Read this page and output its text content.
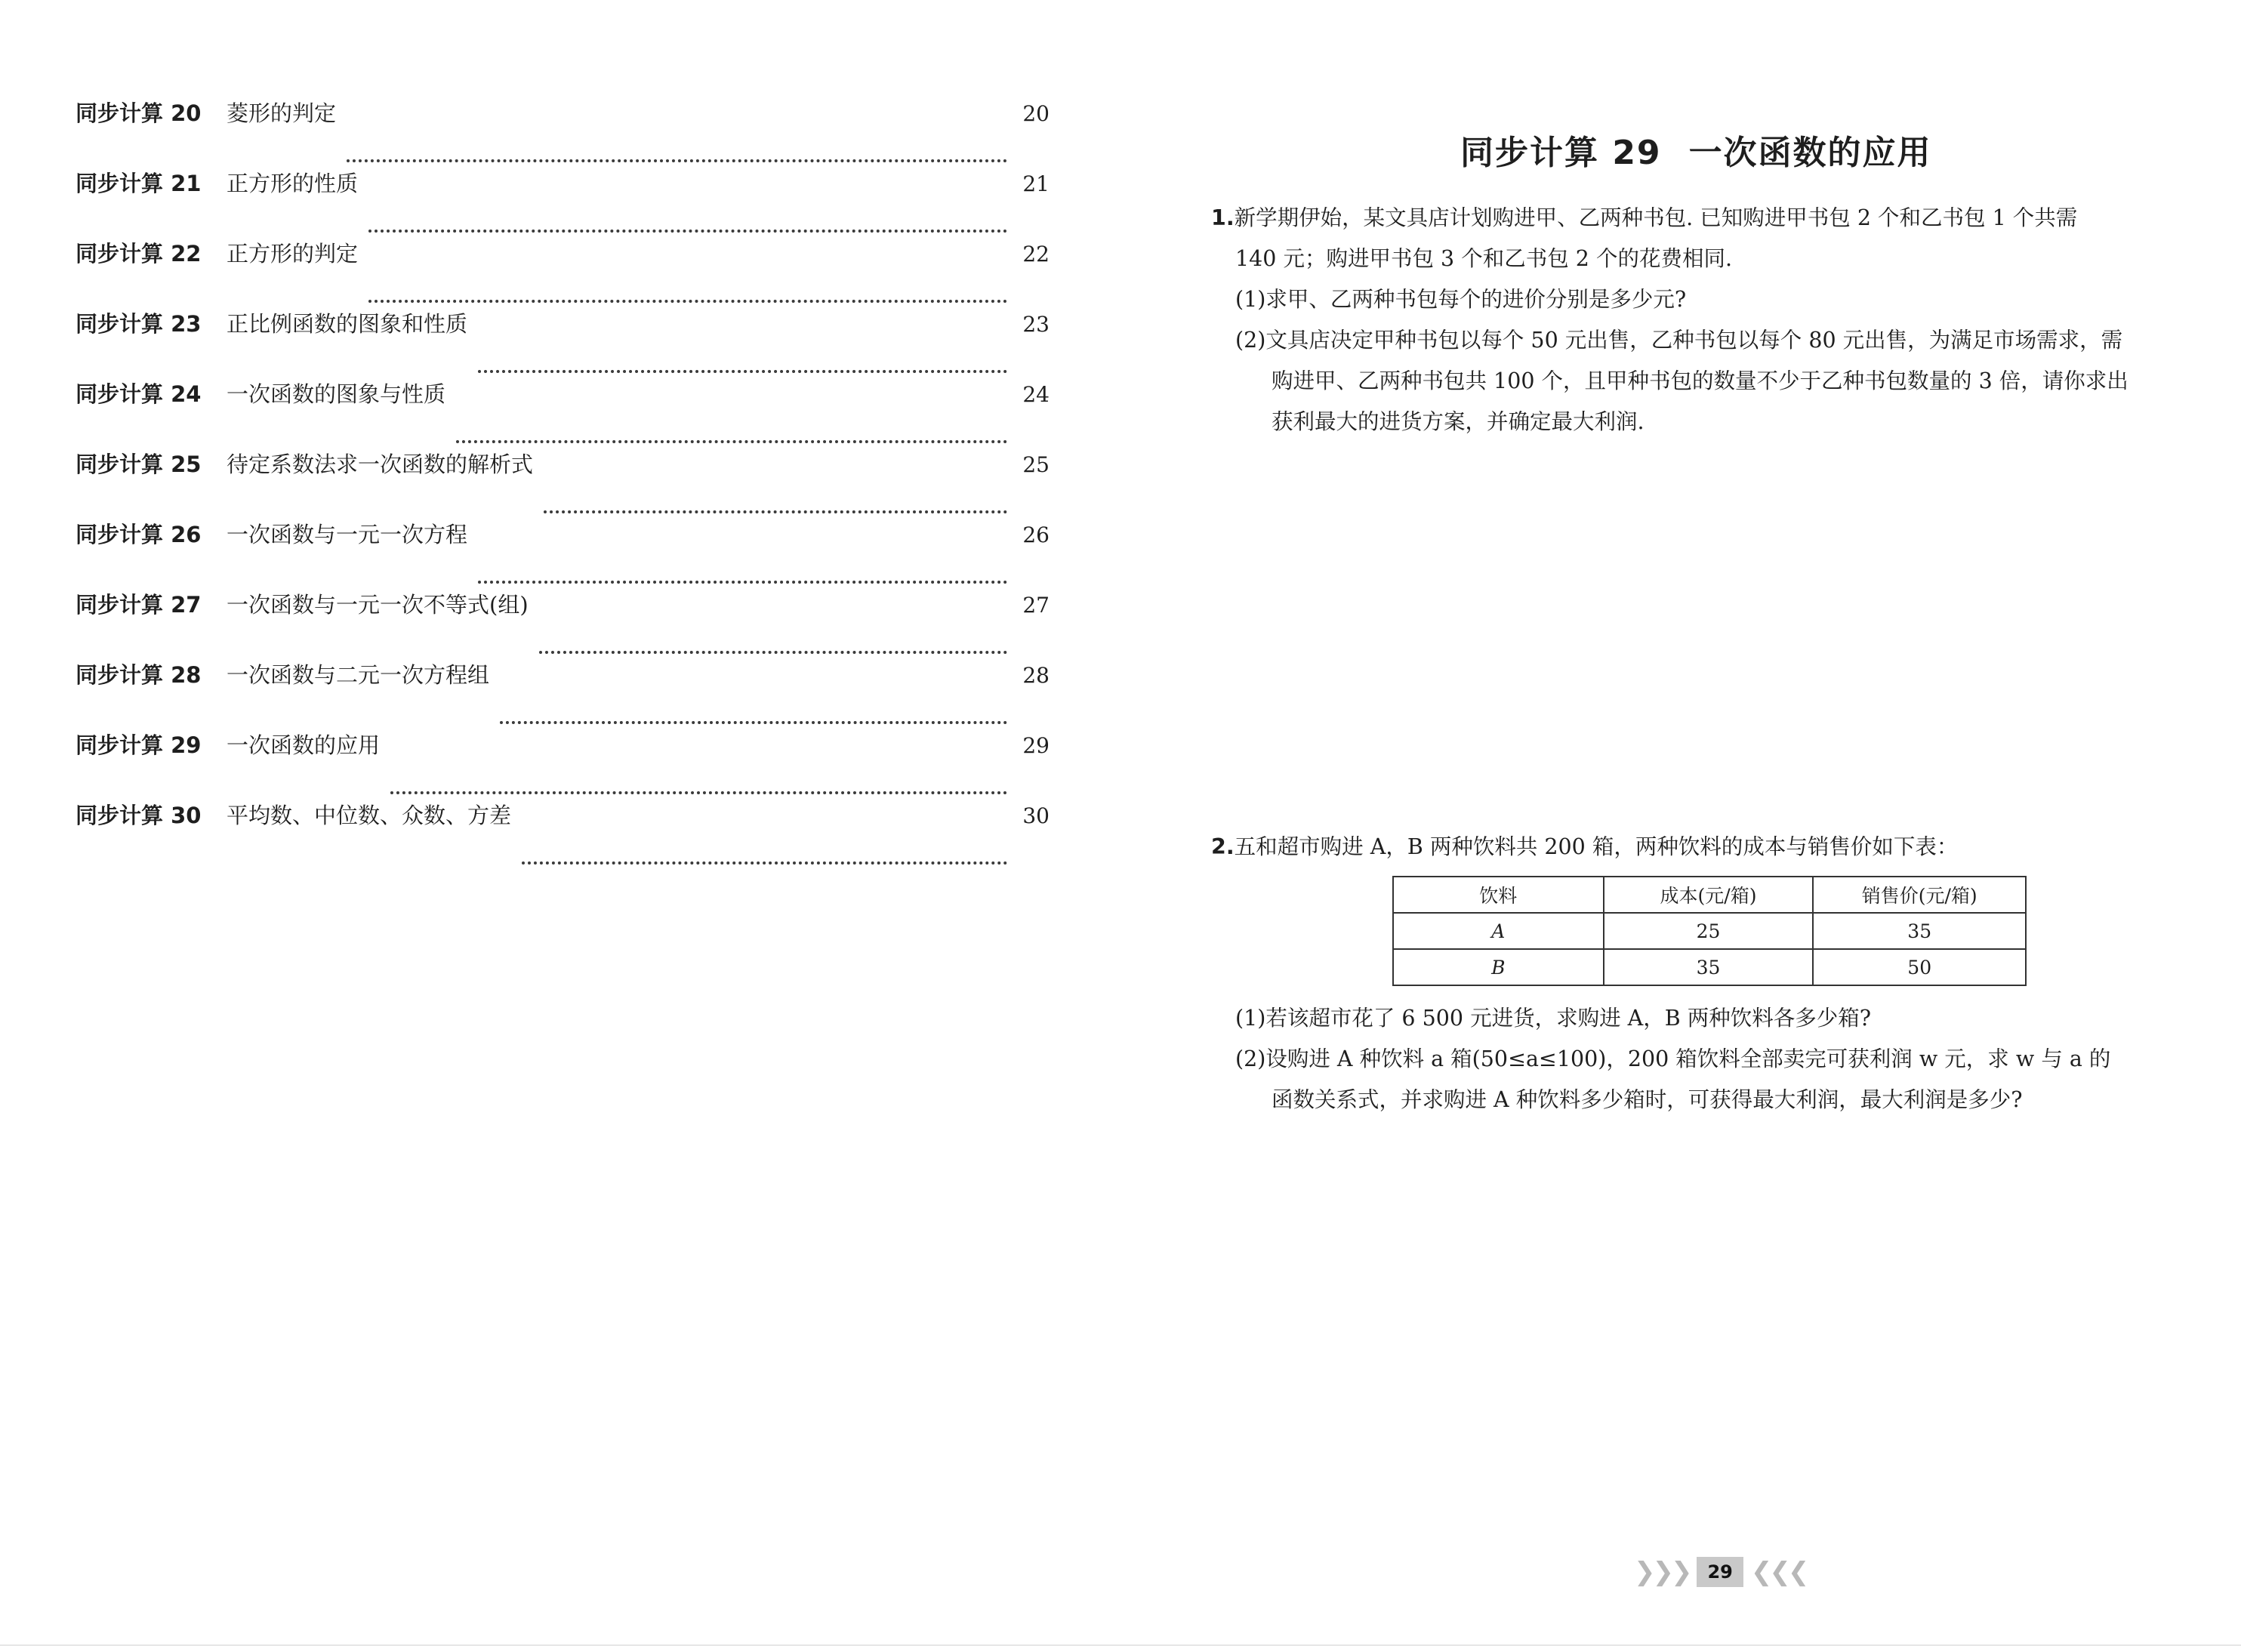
同步计算 20	菱形的判定	20
同步计算 21	正方形的性质	21
同步计算 22	正方形的判定	22
同步计算 23	正比例函数的图象和性质	23
同步计算 24	一次函数的图象与性质	24
同步计算 25	待定系数法求一次函数的解析式	25
同步计算 26	一次函数与一元一次方程	26
同步计算 27	一次函数与一元一次不等式(组)	27
同步计算 28	一次函数与二元一次方程组	28
同步计算 29	一次函数的应用	29
同步计算 30	平均数、中位数、众数、方差	30
同步计算 29 一次函数的应用
1.新学期伊始，某文具店计划购进甲、乙两种书包. 已知购进甲书包 2 个和乙书包 1 个共需
140 元；购进甲书包 3 个和乙书包 2 个的花费相同.
(1)求甲、乙两种书包每个的进价分别是多少元?
(2)文具店决定甲种书包以每个 50 元出售，乙种书包以每个 80 元出售，为满足市场需求，需
购进甲、乙两种书包共 100 个，且甲种书包的数量不少于乙种书包数量的 3 倍，请你求出
获利最大的进货方案，并确定最大利润.
2.五和超市购进 A，B 两种饮料共 200 箱，两种饮料的成本与销售价如下表：
饮料	成本(元/箱)	销售价(元/箱)
A	25	35
B	35	50
(1)若该超市花了 6 500 元进货，求购进 A，B 两种饮料各多少箱?
(2)设购进 A 种饮料 a 箱(50≤a≤100)，200 箱饮料全部卖完可获利润 w 元，求 w 与 a 的
函数关系式，并求购进 A 种饮料多少箱时，可获得最大利润，最大利润是多少?
❯❯❯	29 ❮❮❮
